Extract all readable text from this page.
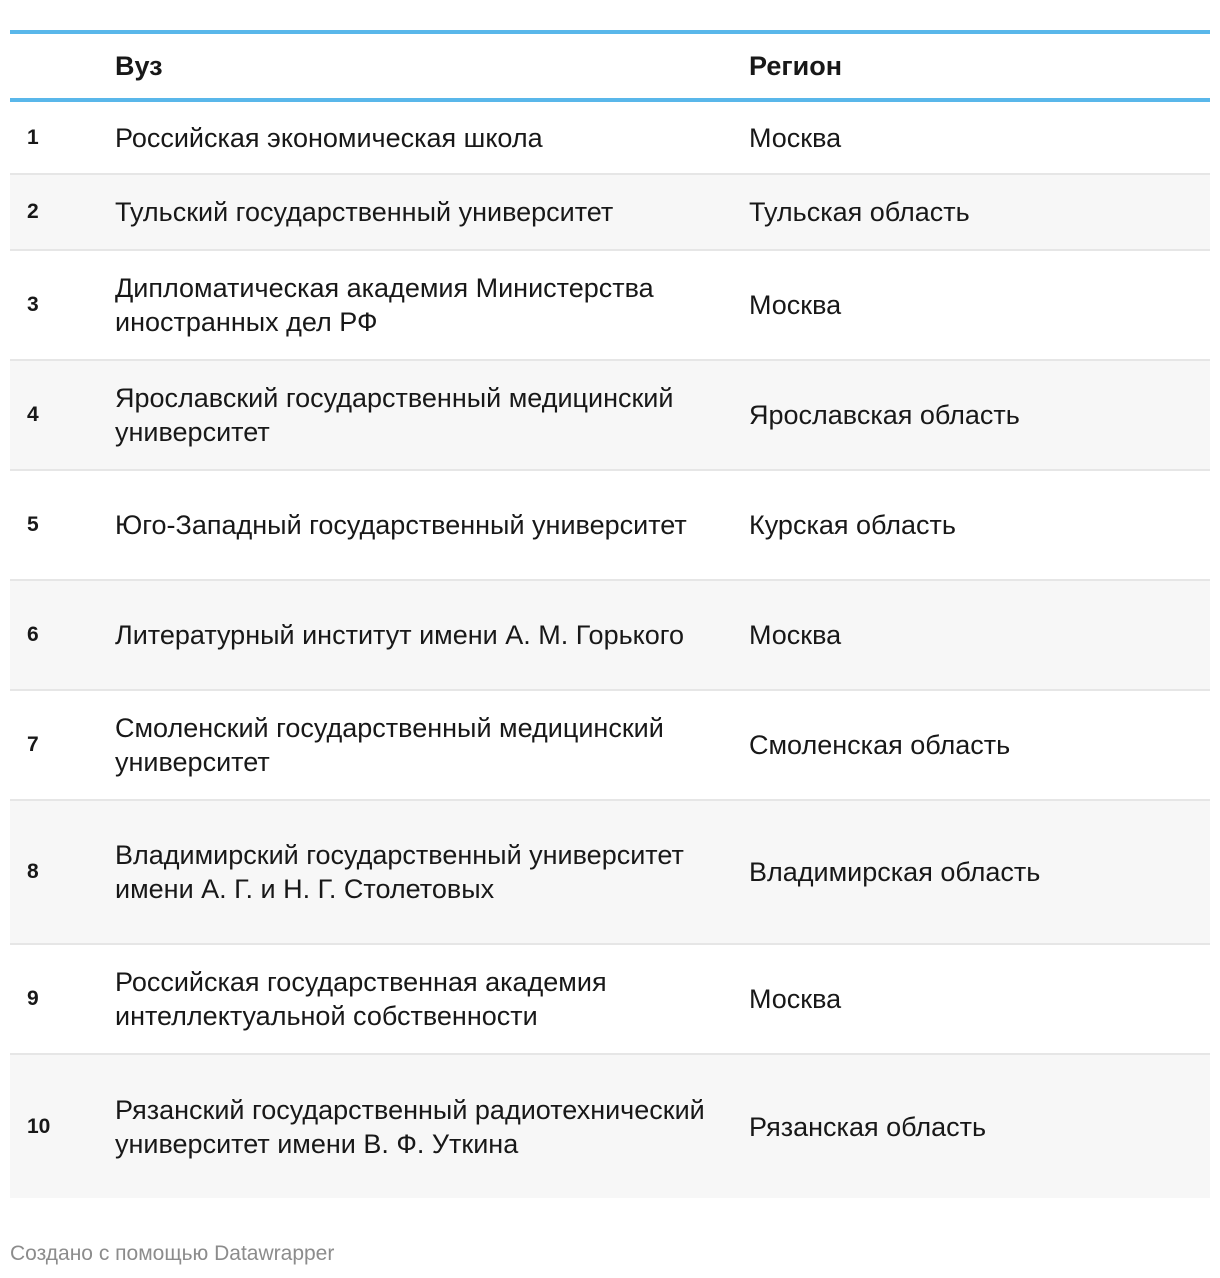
	Вуз	Регион
1	Российская экономическая школа	Москва
2	Тульский государственный университет	Тульская область
3	Дипломатическая академия Министерства иностранных дел РФ	Москва
4	Ярославский государственный медицинский университет	Ярославская область
5	Юго-Западный государственный университет	Курская область
6	Литературный институт имени А. М. Горького	Москва
7	Смоленский государственный медицинский университет	Смоленская область
8	Владимирский государственный университет имени А. Г. и Н. Г. Столетовых	Владимирская область
9	Российская государственная академия интеллектуальной собственности	Москва
10	Рязанский государственный радиотехнический университет имени В. Ф. Уткина	Рязанская область
Создано с помощью Datawrapper
